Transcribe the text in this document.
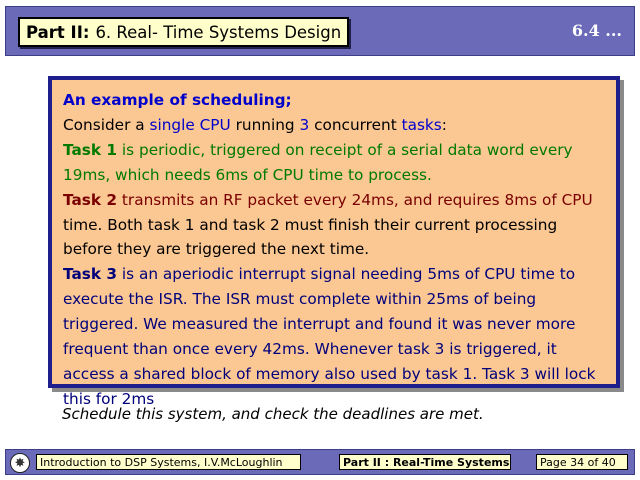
Part II: 6. Real- Time Systems Design	6.4 ...

An example of scheduling;

Consider a single CPU running 3 concurrent tasks:

Task 1 is periodic, triggered on receipt of a serial data word every 19ms, which needs 6ms of CPU time to process.

Task 2 transmits an RF packet every 24ms, and requires 8ms of CPU time. Both task 1 and task 2 must finish their current processing before they are triggered the next time.

Task 3 is an aperiodic interrupt signal needing 5ms of CPU time to execute the ISR. The ISR must complete within 25ms of being triggered. We measured the interrupt and found it was never more frequent than once every 42ms. Whenever task 3 is triggered, it access a shared block of memory also used by task 1. Task 3 will lock this for 2ms

Schedule this system, and check the deadlines are met.
✸	Introduction to DSP Systems, I.V.McLoughlin	Part II : Real-Time Systems	Page 34 of 40
